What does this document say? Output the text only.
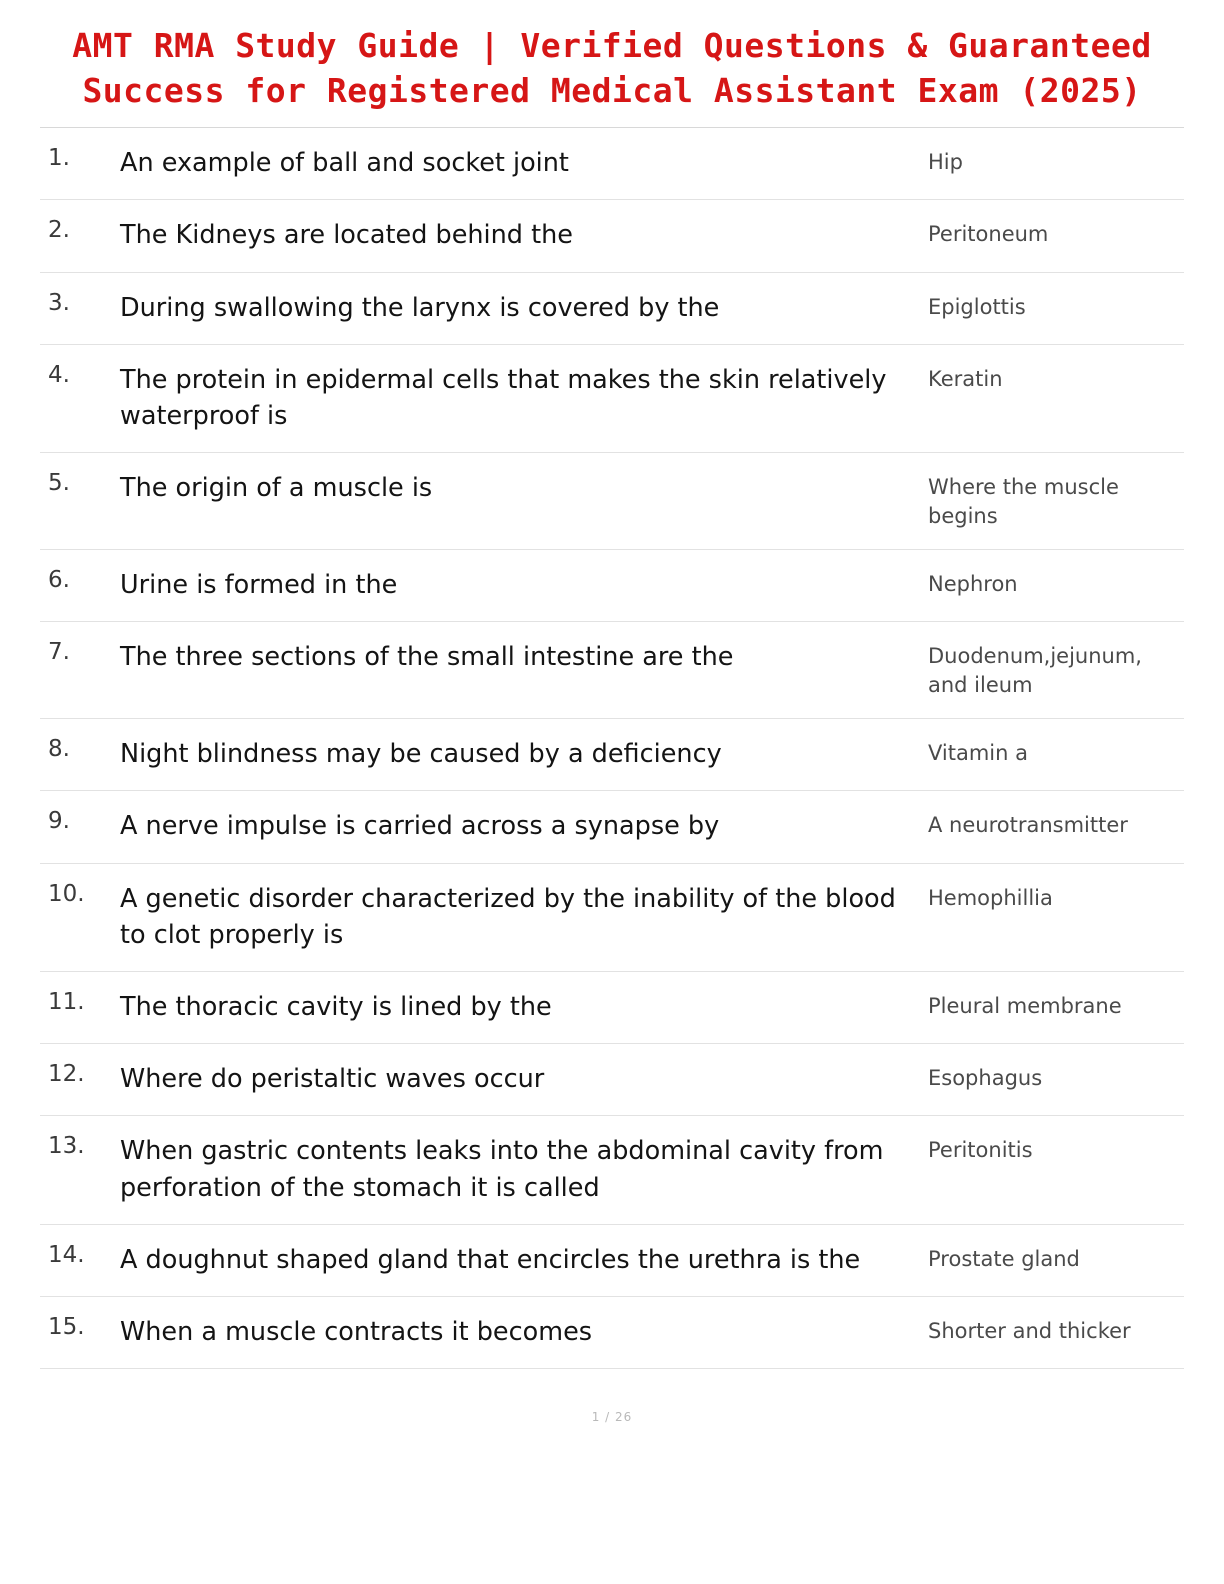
AMT RMA Study Guide | Verified Questions & Guaranteed Success for Registered Medical Assistant Exam (2025)
1.	An example of ball and socket joint	Hip
2.	The Kidneys are located behind the	Peritoneum
3.	During swallowing the larynx is covered by the	Epiglottis
4.	The protein in epidermal cells that makes the skin relatively waterproof is	Keratin
5.	The origin of a muscle is	Where the muscle begins
6.	Urine is formed in the	Nephron
7.	The three sections of the small intestine are the	Duodenum,jejunum, and ileum
8.	Night blindness may be caused by a deficiency	Vitamin a
9.	A nerve impulse is carried across a synapse by	A neurotransmitter
10.	A genetic disorder characterized by the inability of the blood to clot properly is	Hemophillia
11.	The thoracic cavity is lined by the	Pleural membrane
12.	Where do peristaltic waves occur	Esophagus
13.	When gastric contents leaks into the abdominal cavity from perforation of the stomach it is called	Peritonitis
14.	A doughnut shaped gland that encircles the urethra is the	Prostate gland
15.	When a muscle contracts it becomes	Shorter and thicker
1 / 26
